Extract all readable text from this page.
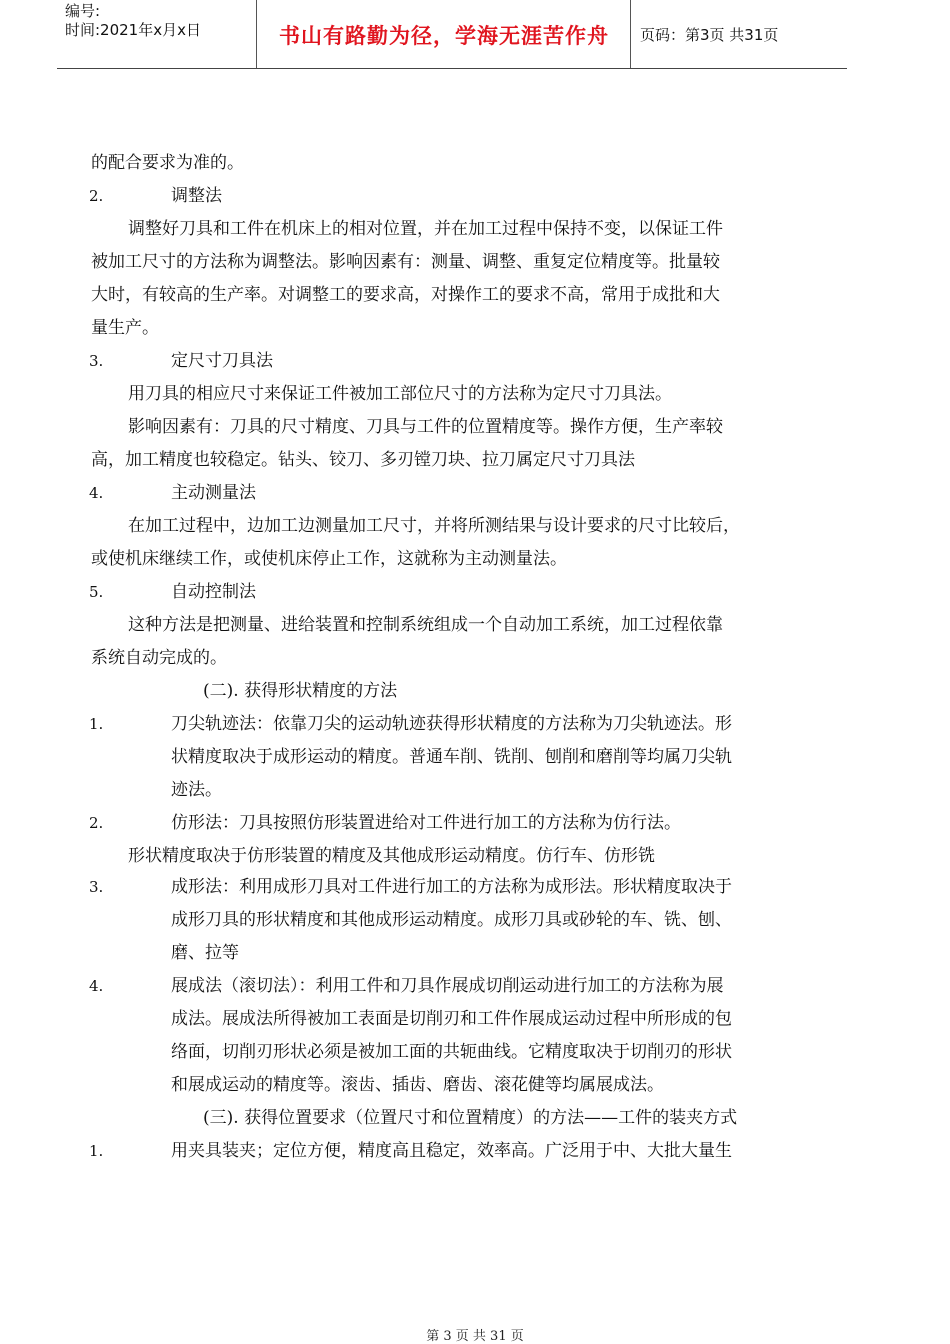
编号:
时间:2021年x月x日	书山有路勤为径，学海无涯苦作舟	页码：第3页 共31页
的配合要求为准的。
2.	调整法
调整好刀具和工件在机床上的相对位置，并在加工过程中保持不变，以保证工件
被加工尺寸的方法称为调整法。影响因素有：测量、调整、重复定位精度等。批量较
大时，有较高的生产率。对调整工的要求高，对操作工的要求不高，常用于成批和大
量生产。
3.	定尺寸刀具法
用刀具的相应尺寸来保证工件被加工部位尺寸的方法称为定尺寸刀具法。
影响因素有：刀具的尺寸精度、刀具与工件的位置精度等。操作方便，生产率较
高，加工精度也较稳定。钻头、铰刀、多刃镗刀块、拉刀属定尺寸刀具法
4.	主动测量法
在加工过程中，边加工边测量加工尺寸，并将所测结果与设计要求的尺寸比较后，
或使机床继续工作，或使机床停止工作，这就称为主动测量法。
5.	自动控制法
这种方法是把测量、进给装置和控制系统组成一个自动加工系统，加工过程依靠
系统自动完成的。
(二). 获得形状精度的方法
1.	刀尖轨迹法：依靠刀尖的运动轨迹获得形状精度的方法称为刀尖轨迹法。形
状精度取决于成形运动的精度。普通车削、铣削、刨削和磨削等均属刀尖轨
迹法。
2.	仿形法：刀具按照仿形装置进给对工件进行加工的方法称为仿行法。
形状精度取决于仿形装置的精度及其他成形运动精度。仿行车、仿形铣
3.	成形法：利用成形刀具对工件进行加工的方法称为成形法。形状精度取决于
成形刀具的形状精度和其他成形运动精度。成形刀具或砂轮的车、铣、刨、
磨、拉等
4.	展成法（滚切法）：利用工件和刀具作展成切削运动进行加工的方法称为展
成法。展成法所得被加工表面是切削刃和工件作展成运动过程中所形成的包
络面，切削刃形状必须是被加工面的共轭曲线。它精度取决于切削刃的形状
和展成运动的精度等。滚齿、插齿、磨齿、滚花健等均属展成法。
(三). 获得位置要求（位置尺寸和位置精度）的方法——工件的装夹方式
1.	用夹具装夹；定位方便，精度高且稳定，效率高。广泛用于中、大批大量生
第 3 页 共 31 页
